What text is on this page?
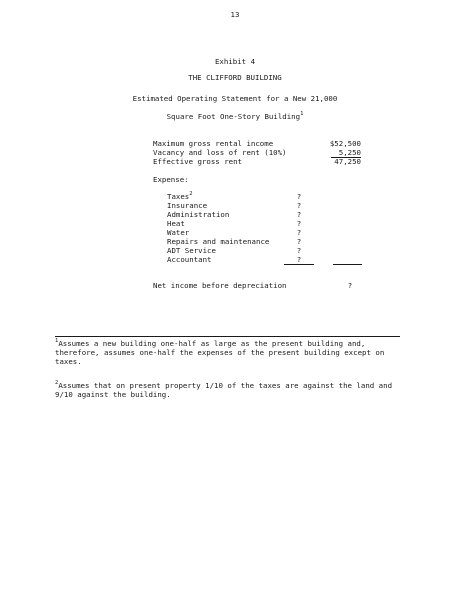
13
Exhibit 4
THE CLIFFORD BUILDING
Estimated Operating Statement for a New 21,000
Square Foot One-Story Building$^1$
Maximum gross rental income	$52,500
Vacancy and loss of rent (10%)	5,250
Effective gross rent	47,250
Expense:
Taxes$^2$	?
Insurance	?
Administration	?
Heat	?
Water	?
Repairs and maintenance	?
ADT Service	?
Accountant	?
Net income before depreciation	?
$^1$Assumes a new building one-half as large as the present building and, therefore, assumes one-half the expenses of the present building except on taxes.
$^2$Assumes that on present property 1/10 of the taxes are against the land and 9/10 against the building.
